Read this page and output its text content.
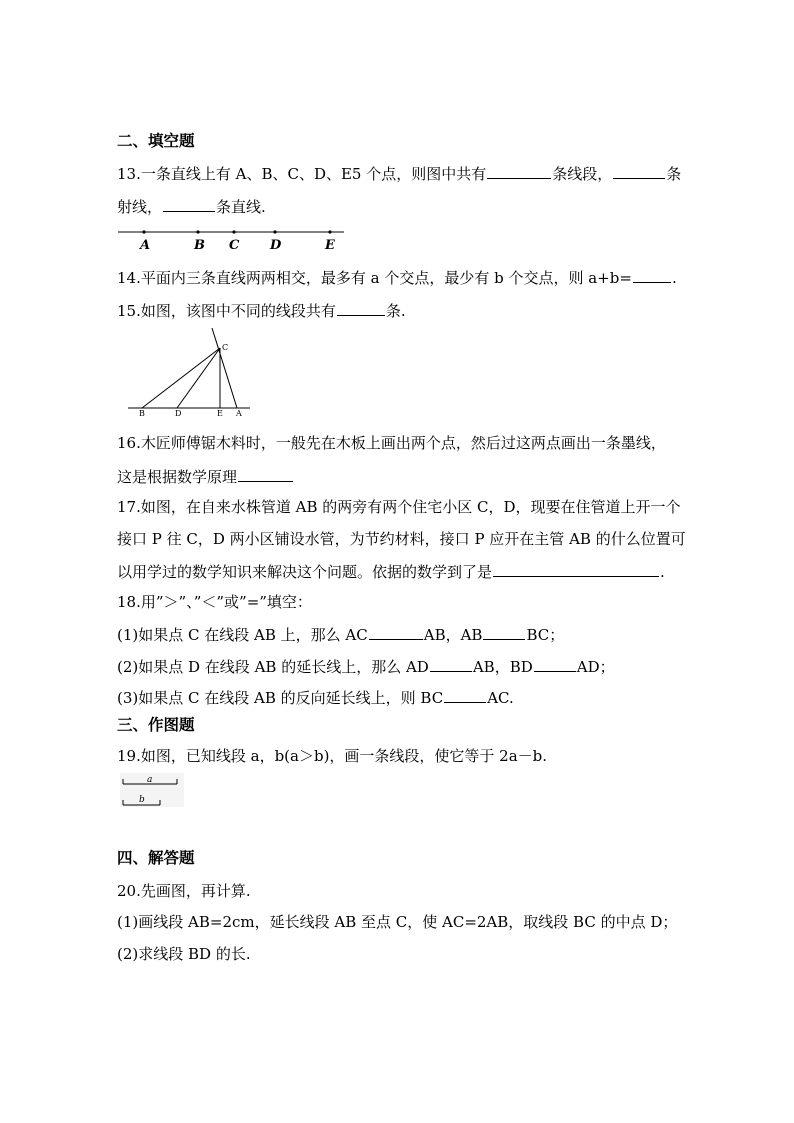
二、填空题
13.一条直线上有 A、B、C、D、E5 个点，则图中共有	条线段，	条
射线，	条直线.
A	B C D	E
14.平面内三条直线两两相交，最多有 a 个交点，最少有 b 个交点，则 a+b=	.
15.如图，该图中不同的线段共有	条.
C
B	D	E A
16.木匠师傅锯木料时，一般先在木板上画出两个点，然后过这两点画出一条墨线，
这是根据数学原理
17.如图，在自来水株管道 AB 的两旁有两个住宅小区 C，D，现要在住管道上开一个
接口 P 往 C，D 两小区铺设水管，为节约材料，接口 P 应开在主管 AB 的什么位置可
以用学过的数学知识来解决这个问题。依据的数学到了是	.
18.用”＞”、”＜”或”=”填空：
(1)如果点 C 在线段 AB 上，那么 AC	AB，AB	BC；
(2)如果点 D 在线段 AB 的延长线上，那么 AD	AB，BD	AD；
(3)如果点 C 在线段 AB 的反向延长线上，则 BC	AC.
三、作图题
19.如图，已知线段 a，b(a＞b)，画一条线段，使它等于 2a－b.
a
b
四、解答题
20.先画图，再计算.
(1)画线段 AB=2cm，延长线段 AB 至点 C，使 AC=2AB，取线段 BC 的中点 D；
(2)求线段 BD 的长.
